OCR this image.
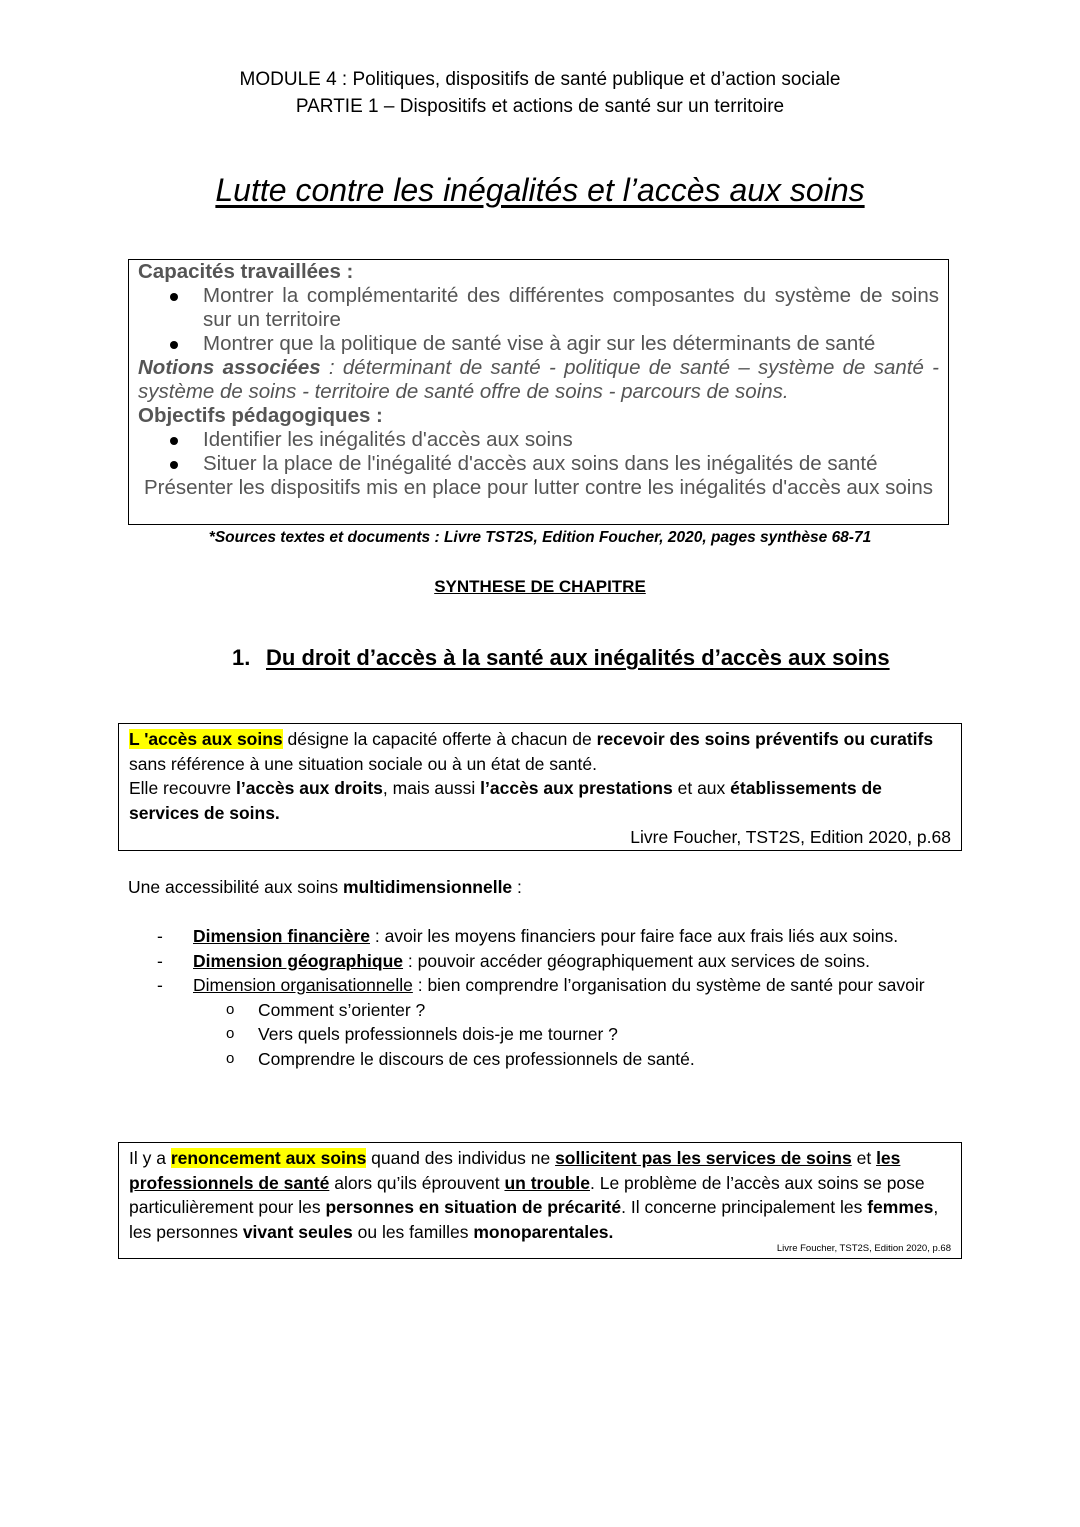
MODULE 4 : Politiques, dispositifs de santé publique et d’action sociale
PARTIE 1 – Dispositifs et actions de santé sur un territoire
Lutte contre les inégalités et l’accès aux soins
Capacités travaillées :
Montrer la complémentarité des différentes composantes du système de soins sur un territoire
Montrer que la politique de santé vise à agir sur les déterminants de santé
Notions associées : déterminant de santé - politique de santé – système de santé - système de soins - territoire de santé offre de soins - parcours de soins.
Objectifs pédagogiques :
Identifier les inégalités d'accès aux soins
Situer la place de l'inégalité d'accès aux soins dans les inégalités de santé
Présenter les dispositifs mis en place pour lutter contre les inégalités d'accès aux soins
*Sources textes et documents : Livre TST2S, Edition Foucher, 2020, pages synthèse 68-71
SYNTHESE DE CHAPITRE
1. Du droit d’accès à la santé aux inégalités d’accès aux soins
L 'accès aux soins désigne la capacité offerte à chacun de recevoir des soins préventifs ou curatifs sans référence à une situation sociale ou à un état de santé.
Elle recouvre l’accès aux droits, mais aussi l’accès aux prestations et aux établissements de services de soins.
Livre Foucher, TST2S, Edition 2020, p.68
Une accessibilité aux soins multidimensionnelle :
- Dimension financière : avoir les moyens financiers pour faire face aux frais liés aux soins.
- Dimension géographique : pouvoir accéder géographiquement aux services de soins.
- Dimension organisationnelle : bien comprendre l’organisation du système de santé pour savoir
o Comment s’orienter ?
o Vers quels professionnels dois-je me tourner ?
o Comprendre le discours de ces professionnels de santé.
Il y a renoncement aux soins quand des individus ne sollicitent pas les services de soins et les professionnels de santé alors qu’ils éprouvent un trouble. Le problème de l’accès aux soins se pose particulièrement pour les personnes en situation de précarité. Il concerne principalement les femmes, les personnes vivant seules ou les familles monoparentales.
Livre Foucher, TST2S, Edition 2020, p.68
